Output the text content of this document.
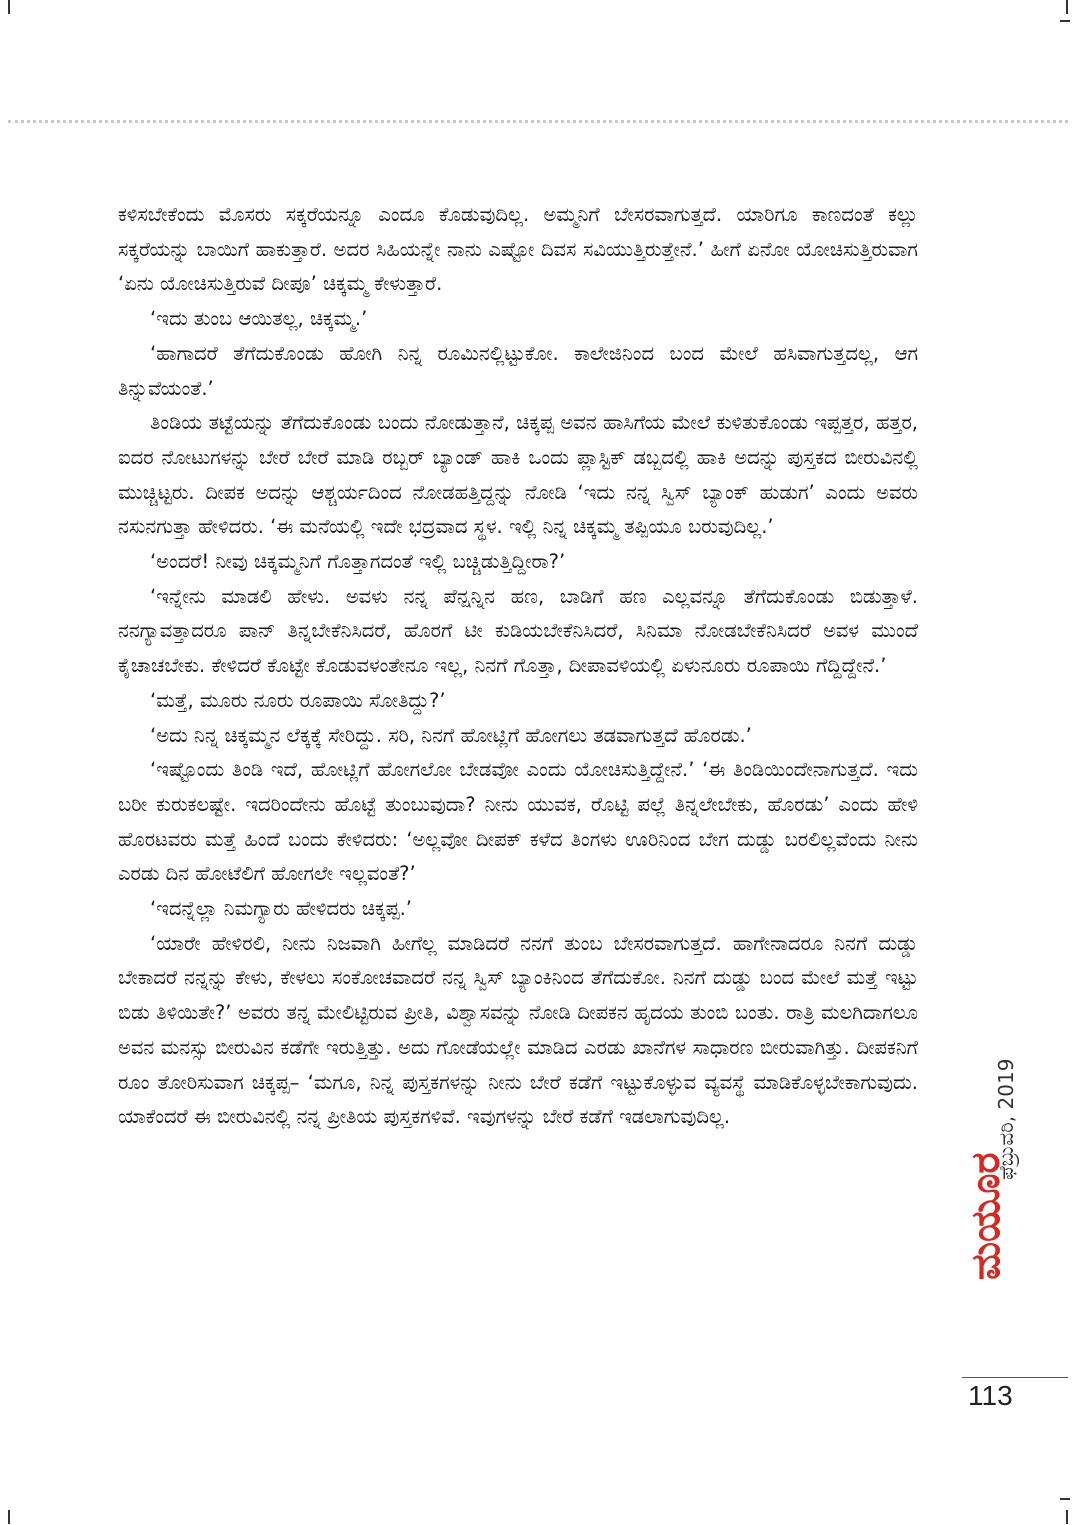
ಕಳಿಸಬೇಕೆಂದು ಮೊಸರು ಸಕ್ಕರೆಯನ್ನೂ ಎಂದೂ ಕೊಡುವುದಿಲ್ಲ. ಅಮ್ಮನಿಗೆ ಬೇಸರವಾಗುತ್ತದೆ. ಯಾರಿಗೂ ಕಾಣದಂತೆ ಕಲ್ಲು ಸಕ್ಕರೆಯನ್ನು ಬಾಯಿಗೆ ಹಾಕುತ್ತಾರೆ. ಅದರ ಸಿಹಿಯನ್ನೇ ನಾನು ಎಷ್ಟೋ ದಿವಸ ಸವಿಯುತ್ತಿರುತ್ತೇನೆ.’ ಹೀಗೆ ಏನೋ ಯೋಚಿಸುತ್ತಿರುವಾಗ ‘ಏನು ಯೋಚಿಸುತ್ತಿರುವೆ ದೀಪೂ’ ಚಿಕ್ಕಮ್ಮ ಕೇಳುತ್ತಾರೆ.

‘ಇದು ತುಂಬ ಆಯಿತಲ್ಲ, ಚಿಕ್ಕಮ್ಮ.’

‘ಹಾಗಾದರೆ ತೆಗೆದುಕೊಂಡು ಹೋಗಿ ನಿನ್ನ ರೂಮಿನಲ್ಲಿಟ್ಟುಕೋ. ಕಾಲೇಜಿನಿಂದ ಬಂದ ಮೇಲೆ ಹಸಿವಾಗುತ್ತದಲ್ಲ, ಆಗ ತಿನ್ನುವೆಯಂತೆ.’

ತಿಂಡಿಯ ತಟ್ಟೆಯನ್ನು ತೆಗೆದುಕೊಂಡು ಬಂದು ನೋಡುತ್ತಾನೆ, ಚಿಕ್ಕಪ್ಪ ಅವನ ಹಾಸಿಗೆಯ ಮೇಲೆ ಕುಳಿತುಕೊಂಡು ಇಪ್ಪತ್ತರ, ಹತ್ತರ, ಐದರ ನೋಟುಗಳನ್ನು ಬೇರೆ ಬೇರೆ ಮಾಡಿ ರಬ್ಬರ್ ಬ್ಯಾಂಡ್ ಹಾಕಿ ಒಂದು ಪ್ಲಾಸ್ಟಿಕ್ ಡಬ್ಬದಲ್ಲಿ ಹಾಕಿ ಅದನ್ನು ಪುಸ್ತಕದ ಬೀರುವಿನಲ್ಲಿ ಮುಚ್ಚಿಟ್ಟರು. ದೀಪಕ ಅದನ್ನು ಆಶ್ಚರ್ಯದಿಂದ ನೋಡಹತ್ತಿದ್ದನ್ನು ನೋಡಿ ‘ಇದು ನನ್ನ ಸ್ವಿಸ್ ಬ್ಯಾಂಕ್ ಹುಡುಗ’ ಎಂದು ಅವರು ನಸುನಗುತ್ತಾ ಹೇಳಿದರು. ‘ಈ ಮನೆಯಲ್ಲಿ ಇದೇ ಭದ್ರವಾದ ಸ್ಥಳ. ಇಲ್ಲಿ ನಿನ್ನ ಚಿಕ್ಕಮ್ಮ ತಪ್ಪಿಯೂ ಬರುವುದಿಲ್ಲ.’

‘ಅಂದರೆ! ನೀವು ಚಿಕ್ಕಮ್ಮನಿಗೆ ಗೊತ್ತಾಗದಂತೆ ಇಲ್ಲಿ ಬಚ್ಚಿಡುತ್ತಿದ್ದೀರಾ?’

‘ಇನ್ನೇನು ಮಾಡಲಿ ಹೇಳು. ಅವಳು ನನ್ನ ಪೆನ್ಷನ್ನಿನ ಹಣ, ಬಾಡಿಗೆ ಹಣ ಎಲ್ಲವನ್ನೂ ತೆಗೆದುಕೊಂಡು ಬಿಡುತ್ತಾಳೆ. ನನಗ್ಯಾವತ್ತಾದರೂ ಪಾನ್ ತಿನ್ನಬೇಕೆನಿಸಿದರೆ, ಹೊರಗೆ ಟೀ ಕುಡಿಯಬೇಕೆನಿಸಿದರೆ, ಸಿನಿಮಾ ನೋಡಬೇಕೆನಿಸಿದರೆ ಅವಳ ಮುಂದೆ ಕೈಚಾಚಬೇಕು. ಕೇಳಿದರೆ ಕೊಟ್ಟೇ ಕೊಡುವಳಂತೇನೂ ಇಲ್ಲ, ನಿನಗೆ ಗೊತ್ತಾ, ದೀಪಾವಳಿಯಲ್ಲಿ ಏಳುನೂರು ರೂಪಾಯಿ ಗೆದ್ದಿದ್ದೇನೆ.’

‘ಮತ್ತೆ, ಮೂರು ನೂರು ರೂಪಾಯಿ ಸೋತಿದ್ದು?’

‘ಅದು ನಿನ್ನ ಚಿಕ್ಕಮ್ಮನ ಲೆಕ್ಕಕ್ಕೆ ಸೇರಿದ್ದು. ಸರಿ, ನಿನಗೆ ಹೋಟ್ಲಿಗೆ ಹೋಗಲು ತಡವಾಗುತ್ತದೆ ಹೊರಡು.’

‘ಇಷ್ಟೊಂದು ತಿಂಡಿ ಇದೆ, ಹೋಟ್ಲಿಗೆ ಹೋಗಲೋ ಬೇಡವೋ ಎಂದು ಯೋಚಿಸುತ್ತಿದ್ದೇನೆ.’ ‘ಈ ತಿಂಡಿಯಿಂದೇನಾಗುತ್ತದೆ. ಇದು ಬರೀ ಕುರುಕಲಷ್ಟೇ. ಇದರಿಂದೇನು ಹೊಟ್ಟೆ ತುಂಬುವುದಾ? ನೀನು ಯುವಕ, ರೊಟ್ಟಿ ಪಲ್ಲೆ ತಿನ್ನಲೇಬೇಕು, ಹೊರಡು’ ಎಂದು ಹೇಳಿ ಹೊರಟವರು ಮತ್ತೆ ಹಿಂದೆ ಬಂದು ಕೇಳಿದರು: ‘ಅಲ್ಲವೋ ದೀಪಕ್ ಕಳೆದ ತಿಂಗಳು ಊರಿನಿಂದ ಬೇಗ ದುಡ್ಡು ಬರಲಿಲ್ಲವೆಂದು ನೀನು ಎರಡು ದಿನ ಹೋಟೆಲಿಗೆ ಹೋಗಲೇ ಇಲ್ಲವಂತೆ?’

‘ಇದನ್ನೆಲ್ಲಾ ನಿಮಗ್ಯಾರು ಹೇಳಿದರು ಚಿಕ್ಕಪ್ಪ.’

‘ಯಾರೇ ಹೇಳಿರಲಿ, ನೀನು ನಿಜವಾಗಿ ಹೀಗೆಲ್ಲ ಮಾಡಿದರೆ ನನಗೆ ತುಂಬ ಬೇಸರವಾಗುತ್ತದೆ. ಹಾಗೇನಾದರೂ ನಿನಗೆ ದುಡ್ಡು ಬೇಕಾದರೆ ನನ್ನನ್ನು ಕೇಳು, ಕೇಳಲು ಸಂಕೋಚವಾದರೆ ನನ್ನ ಸ್ವಿಸ್ ಬ್ಯಾಂಕಿನಿಂದ ತೆಗೆದುಕೋ. ನಿನಗೆ ದುಡ್ಡು ಬಂದ ಮೇಲೆ ಮತ್ತೆ ಇಟ್ಟು ಬಿಡು ತಿಳಿಯಿತೇ?’ ಅವರು ತನ್ನ ಮೇಲಿಟ್ಟಿರುವ ಪ್ರೀತಿ, ವಿಶ್ವಾಸವನ್ನು ನೋಡಿ ದೀಪಕನ ಹೃದಯ ತುಂಬಿ ಬಂತು. ರಾತ್ರಿ ಮಲಗಿದಾಗಲೂ ಅವನ ಮನಸ್ಸು ಬೀರುವಿನ ಕಡೆಗೇ ಇರುತ್ತಿತ್ತು. ಅದು ಗೋಡೆಯಲ್ಲೇ ಮಾಡಿದ ಎರಡು ಖಾನೆಗಳ ಸಾಧಾರಣ ಬೀರುವಾಗಿತ್ತು. ದೀಪಕನಿಗೆ ರೂಂ ತೋರಿಸುವಾಗ ಚಿಕ್ಕಪ್ಪ– ‘ಮಗೂ, ನಿನ್ನ ಪುಸ್ತಕಗಳನ್ನು ನೀನು ಬೇರೆ ಕಡೆಗೆ ಇಟ್ಟುಕೊಳ್ಳುವ ವ್ಯವಸ್ಥೆ ಮಾಡಿಕೊಳ್ಳಬೇಕಾಗುವುದು. ಯಾಕೆಂದರೆ ಈ ಬೀರುವಿನಲ್ಲಿ ನನ್ನ ಪ್ರೀತಿಯ ಪುಸ್ತಕಗಳಿವೆ. ಇವುಗಳನ್ನು ಬೇರೆ ಕಡೆಗೆ ಇಡಲಾಗುವುದಿಲ್ಲ.

ಮಯೂರ
ಫೆಬ್ರುವರಿ, 2019
113
